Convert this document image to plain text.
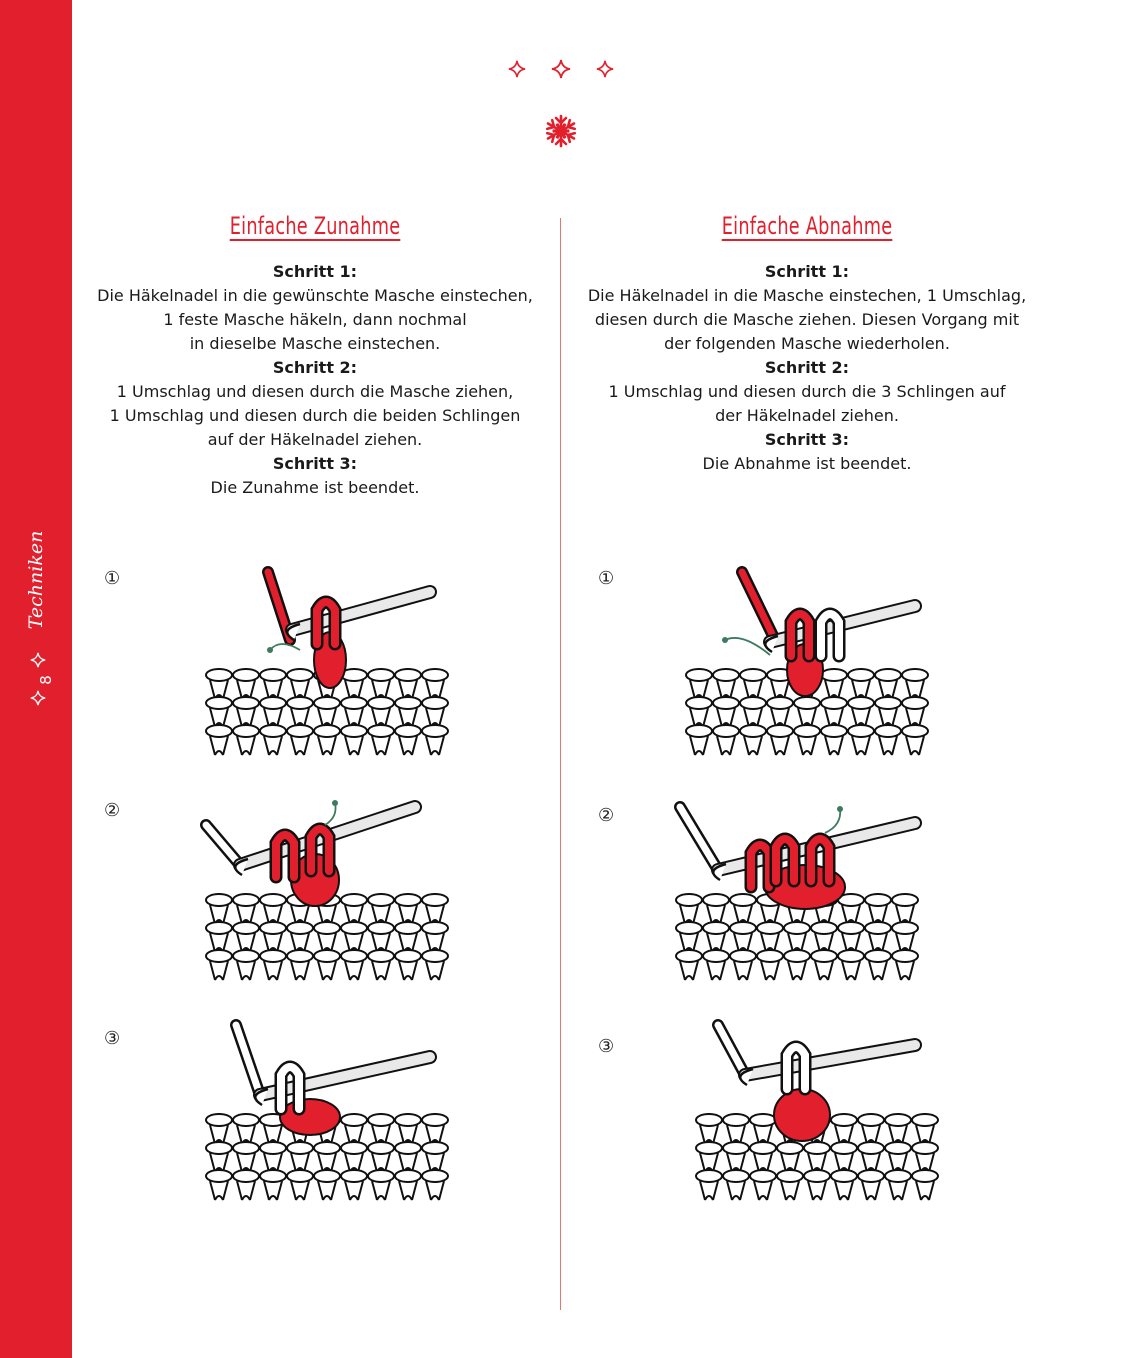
Techniken
8
Einfache Zunahme
Schritt 1:
Die Häkelnadel in die gewünschte Masche einstechen,
1 feste Masche häkeln, dann nochmal
in dieselbe Masche einstechen.
Schritt 2:
1 Umschlag und diesen durch die Masche ziehen,
1 Umschlag und diesen durch die beiden Schlingen
auf der Häkelnadel ziehen.
Schritt 3:
Die Zunahme ist beendet.
Einfache Abnahme
Schritt 1:
Die Häkelnadel in die Masche einstechen, 1 Umschlag,
diesen durch die Masche ziehen. Diesen Vorgang mit
der folgenden Masche wiederholen.
Schritt 2:
1 Umschlag und diesen durch die 3 Schlingen auf
der Häkelnadel ziehen.
Schritt 3:
Die Abnahme ist beendet.
①
②
③
①
②
③
